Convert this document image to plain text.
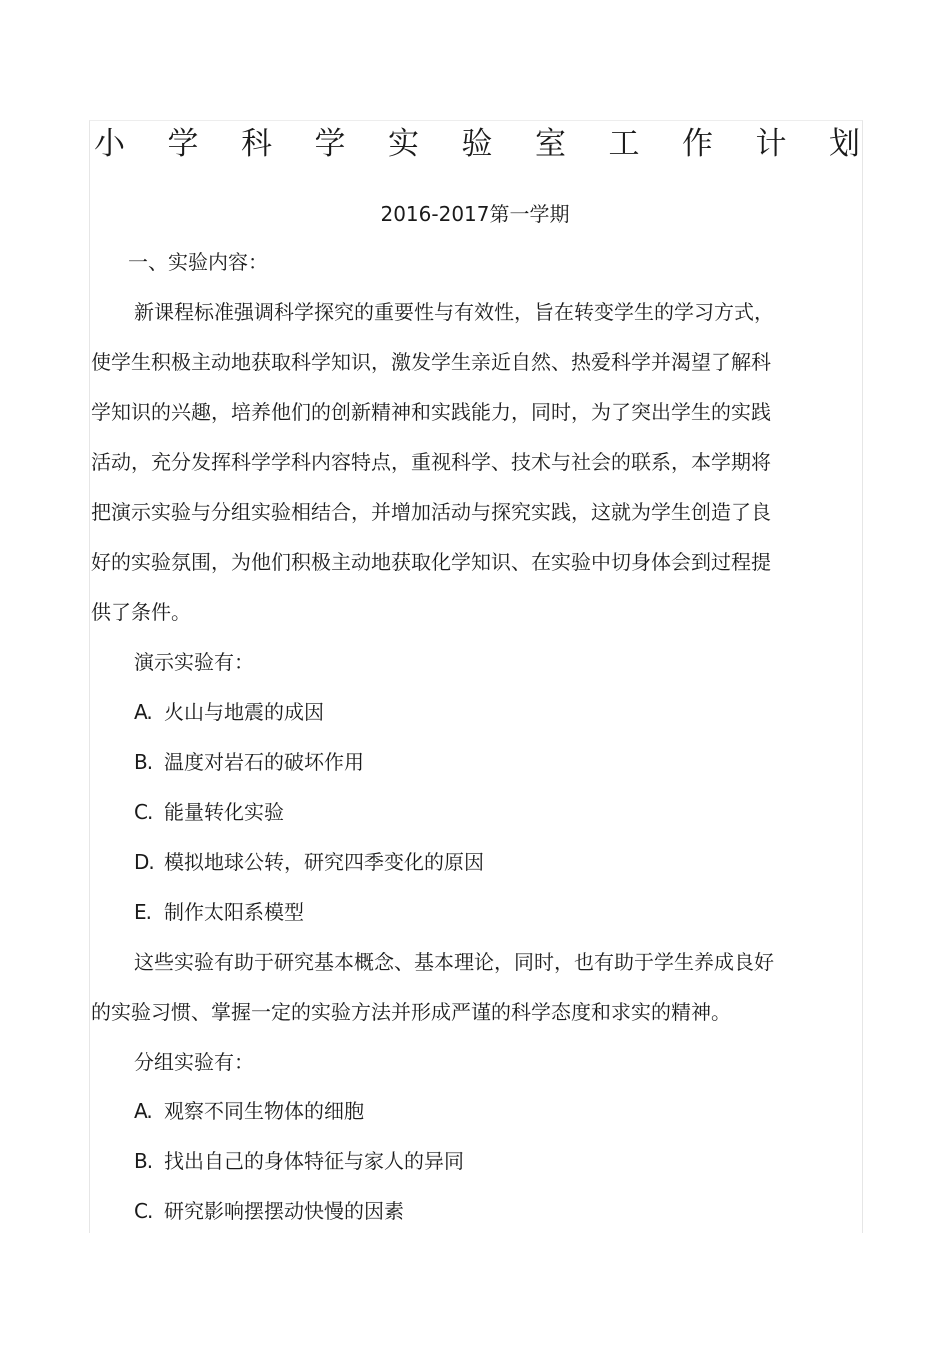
小 学 科 学 实 验 室 工 作 计 划
2016-2017第一学期
一、实验内容：
新课程标准强调科学探究的重要性与有效性，旨在转变学生的学习方式，
使学生积极主动地获取科学知识，激发学生亲近自然、热爱科学并渴望了解科
学知识的兴趣，培养他们的创新精神和实践能力，同时，为了突出学生的实践
活动，充分发挥科学学科内容特点，重视科学、技术与社会的联系，本学期将
把演示实验与分组实验相结合，并增加活动与探究实践，这就为学生创造了良
好的实验氛围，为他们积极主动地获取化学知识、在实验中切身体会到过程提
供了条件。
演示实验有：
A. 火山与地震的成因
B. 温度对岩石的破坏作用
C. 能量转化实验
D. 模拟地球公转，研究四季变化的原因
E. 制作太阳系模型
这些实验有助于研究基本概念、基本理论，同时，也有助于学生养成良好
的实验习惯、掌握一定的实验方法并形成严谨的科学态度和求实的精神。
分组实验有：
A. 观察不同生物体的细胞
B. 找出自己的身体特征与家人的异同
C. 研究影响摆摆动快慢的因素
